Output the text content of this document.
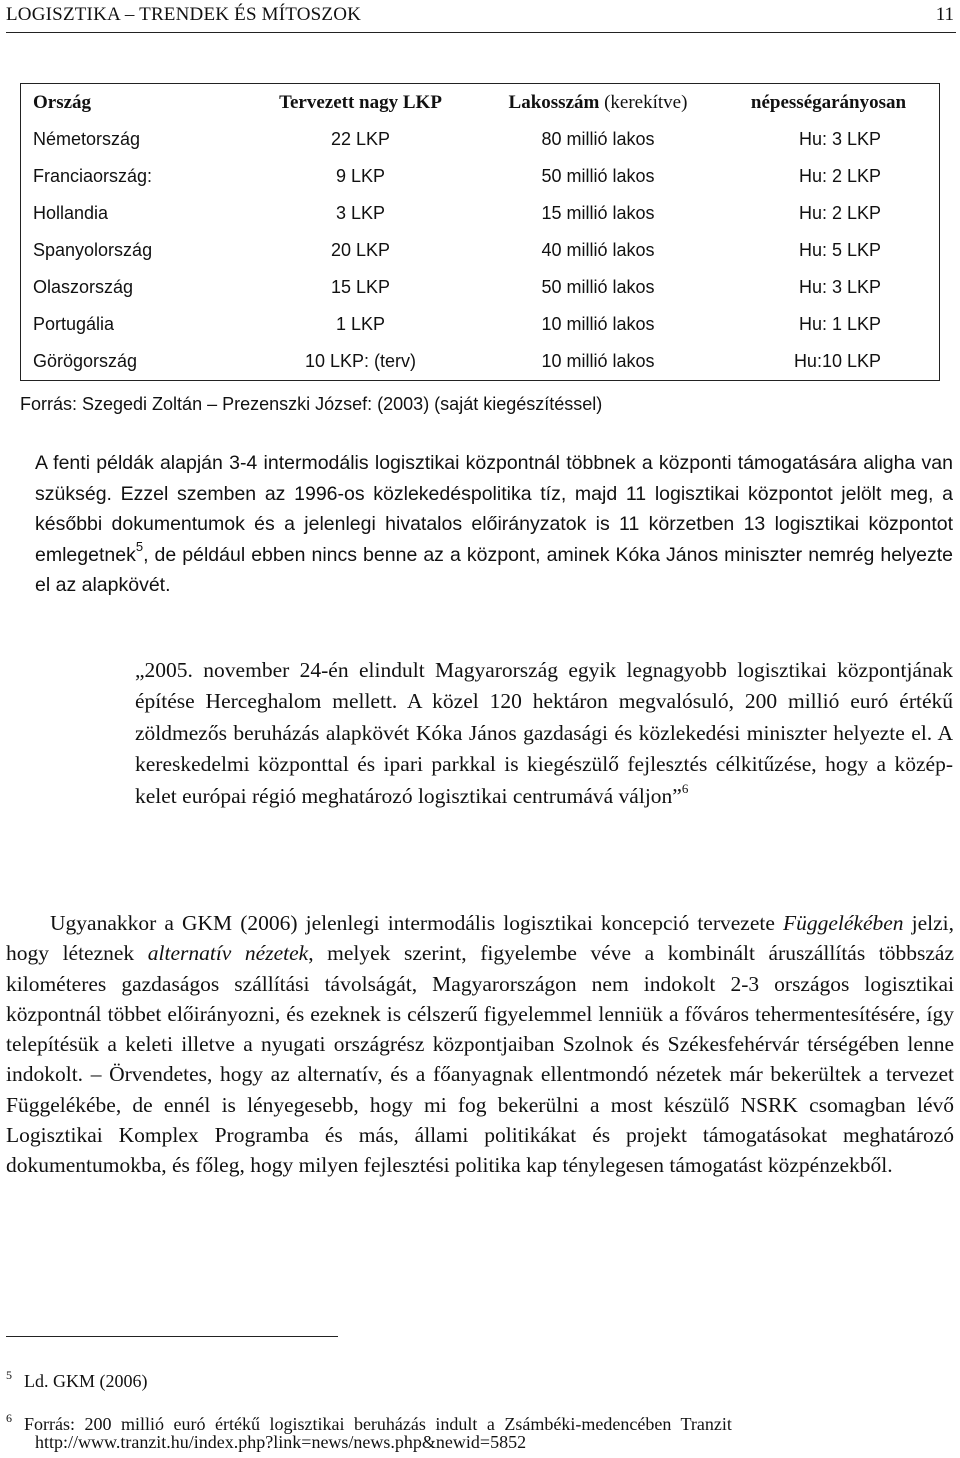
LOGISZTIKA – TRENDEK ÉS MÍTOSZOK	11
Ország	Tervezett nagy LKP	Lakosszám (kerekítve)	népességarányosan
Németország	22 LKP	80 millió lakos	Hu: 3 LKP
Franciaország:	9 LKP	50 millió lakos	Hu: 2 LKP
Hollandia	3 LKP	15 millió lakos	Hu: 2 LKP
Spanyolország	20 LKP	40 millió lakos	Hu: 5 LKP
Olaszország	15 LKP	50 millió lakos	Hu: 3 LKP
Portugália	1 LKP	10 millió lakos	Hu: 1 LKP
Görögország	10 LKP: (terv)	10 millió lakos	Hu:10 LKP
Forrás: Szegedi Zoltán – Prezenszki József: (2003) (saját kiegészítéssel)

A fenti példák alapján 3-4 intermodális logisztikai központnál többnek a központi támogatására aligha van szükség. Ezzel szemben az 1996-os közlekedéspolitika tíz, majd 11 logisztikai központot jelölt meg, a későbbi dokumentumok és a jelenlegi hivatalos előirányzatok is 11 körzetben 13 logisztikai központot emlegetnek$^5$, de például ebben nincs benne az a központ, aminek Kóka János miniszter nemrég helyezte el az alapkövét.

„2005. november 24-én elindult Magyarország egyik legnagyobb logisztikai központjának építése Herceghalom mellett. A közel 120 hektáron megvalósuló, 200 millió euró értékű zöldmezős beruházás alapkövét Kóka János gazdasági és közlekedési miniszter helyezte el. A kereskedelmi központtal és ipari parkkal is kiegészülő fejlesztés célkitűzése, hogy a közép-kelet európai régió meghatározó logisztikai centrumává váljon”$^6$

Ugyanakkor a GKM (2006) jelenlegi intermodális logisztikai koncepció tervezete Függelékében jelzi, hogy léteznek alternatív nézetek, melyek szerint, figyelembe véve a kombinált áruszállítás többszáz kilométeres gazdaságos szállítási távolságát, Magyarországon nem indokolt 2-3 országos logisztikai központnál többet előirányozni, és ezeknek is célszerű figyelemmel lenniük a főváros tehermentesítésére, így telepítésük a keleti illetve a nyugati országrész központjaiban Szolnok és Székesfehérvár térségében lenne indokolt. – Örvendetes, hogy az alternatív, és a főanyagnak ellentmondó nézetek már bekerültek a tervezet Függelékébe, de ennél is lényegesebb, hogy mi fog bekerülni a most készülő NSRK csomagban lévő Logisztikai Komplex Programba és más, állami politikákat és projekt támogatásokat meghatározó dokumentumokba, és főleg, hogy milyen fejlesztési politika kap ténylegesen támogatást közpénzekből.

5 Ld. GKM (2006)
6 Forrás: 200 millió euró értékű logisztikai beruházás indult a Zsámbéki-medencében Tranzit
http://www.tranzit.hu/index.php?link=news/news.php&newid=5852
